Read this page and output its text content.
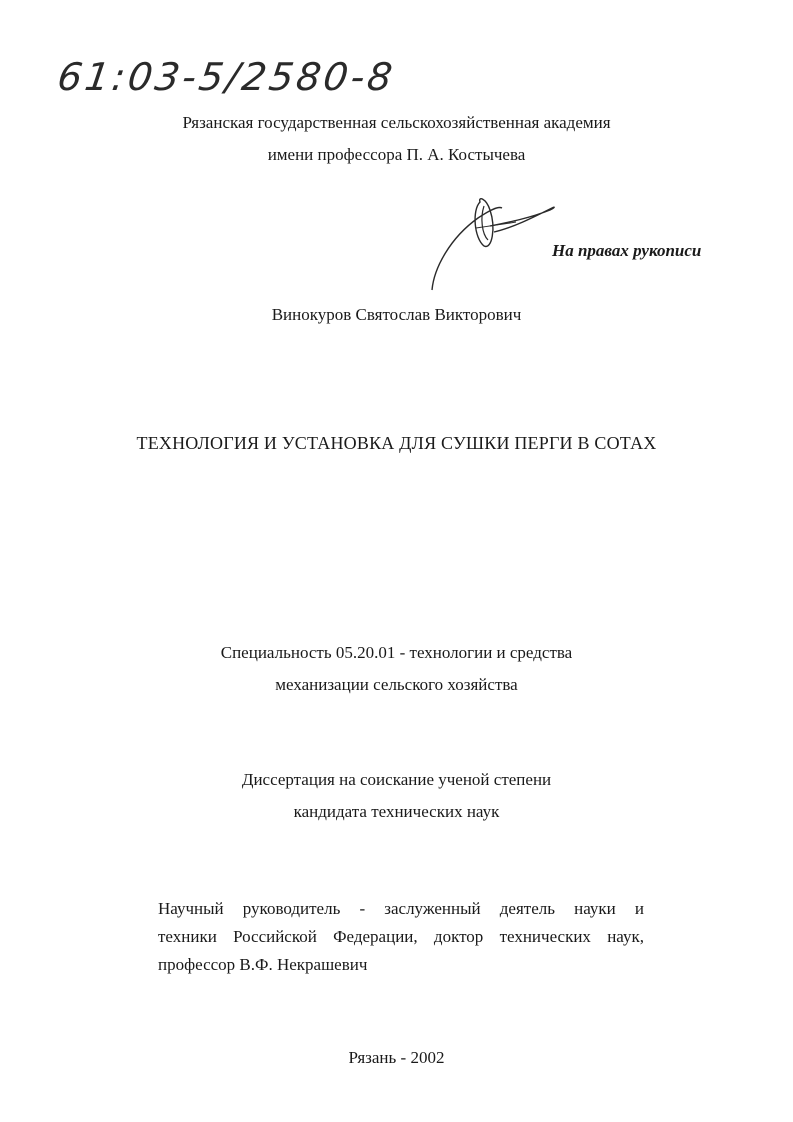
61:03-5/2580-8
Рязанская государственная сельскохозяйственная академия
имени профессора П. А. Костычева
На правах рукописи
Винокуров Святослав Викторович
ТЕХНОЛОГИЯ И УСТАНОВКА ДЛЯ СУШКИ ПЕРГИ В СОТАХ
Специальность 05.20.01 - технологии и средства
механизации сельского хозяйства
Диссертация на соискание ученой степени
кандидата технических наук
Научный руководитель - заслуженный деятель науки и
техники Российской Федерации, доктор технических наук,
профессор В.Ф. Некрашевич
Рязань - 2002
